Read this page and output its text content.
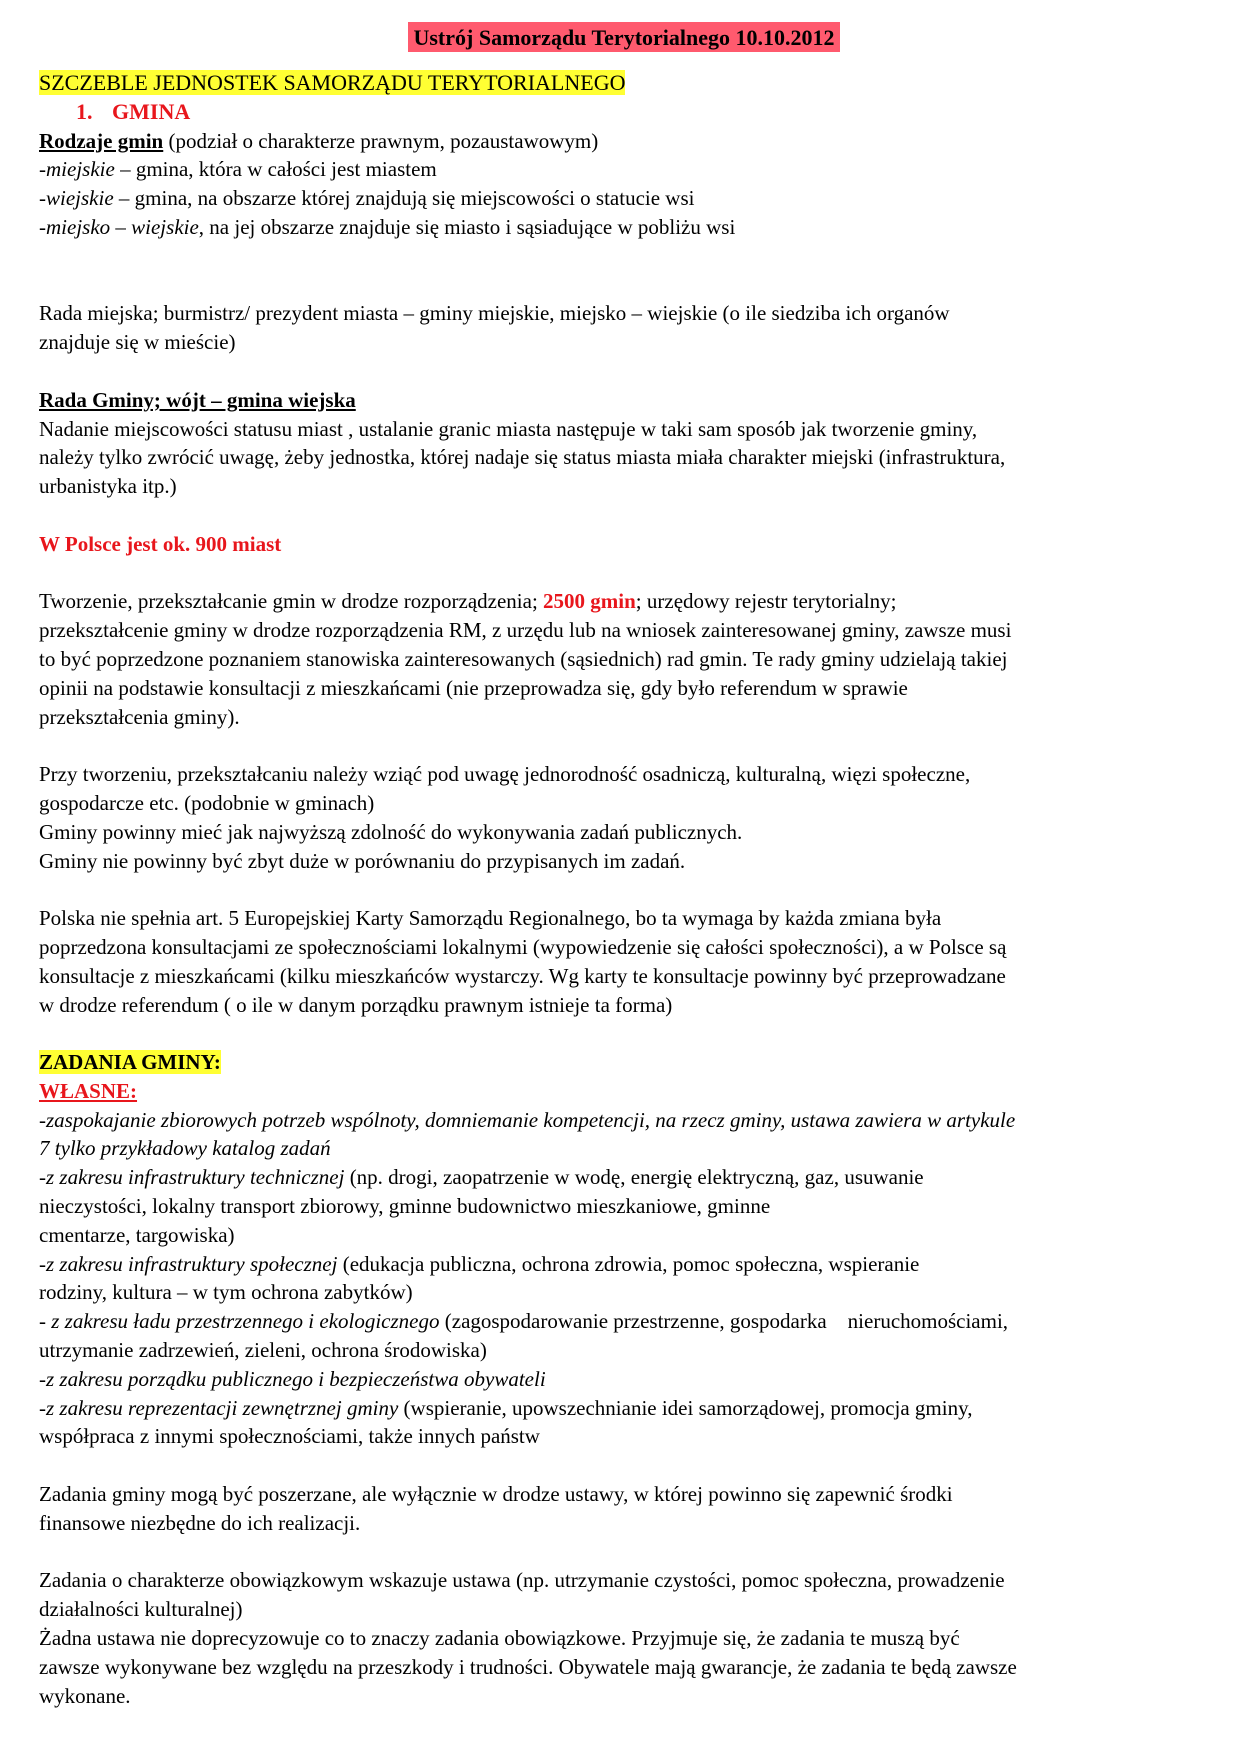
Ustrój Samorządu Terytorialnego 10.10.2012
SZCZEBLE JEDNOSTEK SAMORZĄDU TERYTORIALNEGO
1. GMINA
Rodzaje gmin (podział o charakterze prawnym, pozaustawowym)
-miejskie – gmina, która w całości jest miastem
-wiejskie – gmina, na obszarze której znajdują się miejscowości o statucie wsi
-miejsko – wiejskie, na jej obszarze znajduje się miasto i sąsiadujące w pobliżu wsi
Rada miejska; burmistrz/ prezydent miasta – gminy miejskie, miejsko – wiejskie (o ile siedziba ich organów
znajduje się w mieście)
Rada Gminy; wójt – gmina wiejska
Nadanie miejscowości statusu miast , ustalanie granic miasta następuje w taki sam sposób jak tworzenie gminy,
należy tylko zwrócić uwagę, żeby jednostka, której nadaje się status miasta miała charakter miejski (infrastruktura,
urbanistyka itp.)
W Polsce jest ok. 900 miast
Tworzenie, przekształcanie gmin w drodze rozporządzenia; 2500 gmin; urzędowy rejestr terytorialny;
przekształcenie gminy w drodze rozporządzenia RM, z urzędu lub na wniosek zainteresowanej gminy, zawsze musi
to być poprzedzone poznaniem stanowiska zainteresowanych (sąsiednich) rad gmin. Te rady gminy udzielają takiej
opinii na podstawie konsultacji z mieszkańcami (nie przeprowadza się, gdy było referendum w sprawie
przekształcenia gminy).
Przy tworzeniu, przekształcaniu należy wziąć pod uwagę jednorodność osadniczą, kulturalną, więzi społeczne,
gospodarcze etc. (podobnie w gminach)
Gminy powinny mieć jak najwyższą zdolność do wykonywania zadań publicznych.
Gminy nie powinny być zbyt duże w porównaniu do przypisanych im zadań.
Polska nie spełnia art. 5 Europejskiej Karty Samorządu Regionalnego, bo ta wymaga by każda zmiana była
poprzedzona konsultacjami ze społecznościami lokalnymi (wypowiedzenie się całości społeczności), a w Polsce są
konsultacje z mieszkańcami (kilku mieszkańców wystarczy. Wg karty te konsultacje powinny być przeprowadzane
w drodze referendum ( o ile w danym porządku prawnym istnieje ta forma)
ZADANIA GMINY:
WŁASNE:
-zaspokajanie zbiorowych potrzeb wspólnoty, domniemanie kompetencji, na rzecz gminy, ustawa zawiera w artykule
7 tylko przykładowy katalog zadań
-z zakresu infrastruktury technicznej (np. drogi, zaopatrzenie w wodę, energię elektryczną, gaz, usuwanie
nieczystości, lokalny transport zbiorowy, gminne budownictwo mieszkaniowe, gminne
cmentarze, targowiska)
-z zakresu infrastruktury społecznej (edukacja publiczna, ochrona zdrowia, pomoc społeczna, wspieranie
rodziny, kultura – w tym ochrona zabytków)
- z zakresu ładu przestrzennego i ekologicznego (zagospodarowanie przestrzenne, gospodarka    nieruchomościami,
utrzymanie zadrzewień, zieleni, ochrona środowiska)
-z zakresu porządku publicznego i bezpieczeństwa obywateli
-z zakresu reprezentacji zewnętrznej gminy (wspieranie, upowszechnianie idei samorządowej, promocja gminy,
współpraca z innymi społecznościami, także innych państw
Zadania gminy mogą być poszerzane, ale wyłącznie w drodze ustawy, w której powinno się zapewnić środki
finansowe niezbędne do ich realizacji.
Zadania o charakterze obowiązkowym wskazuje ustawa (np. utrzymanie czystości, pomoc społeczna, prowadzenie
działalności kulturalnej)
Żadna ustawa nie doprecyzowuje co to znaczy zadania obowiązkowe. Przyjmuje się, że zadania te muszą być
zawsze wykonywane bez względu na przeszkody i trudności. Obywatele mają gwarancje, że zadania te będą zawsze
wykonane.
